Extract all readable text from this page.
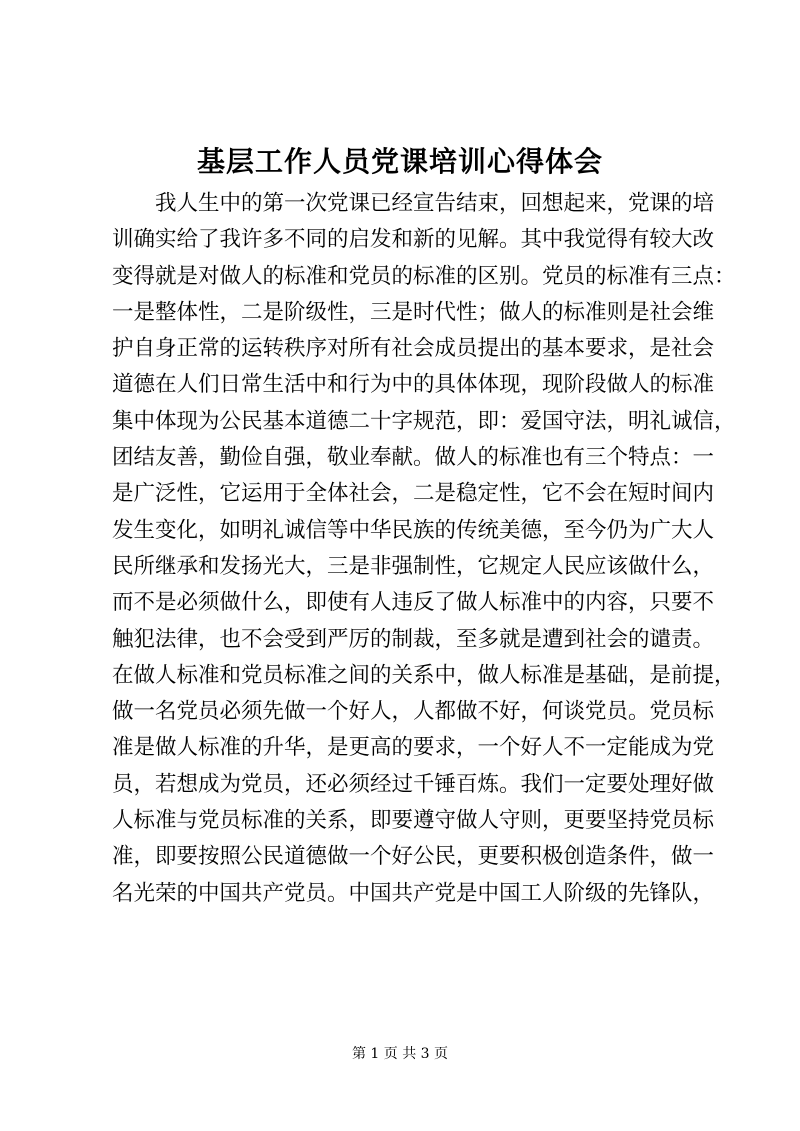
基层工作人员党课培训心得体会
我人生中的第一次党课已经宣告结束，回想起来，党课的培
训确实给了我许多不同的启发和新的见解。其中我觉得有较大改
变得就是对做人的标准和党员的标准的区别。党员的标准有三点：
一是整体性，二是阶级性，三是时代性；做人的标准则是社会维
护自身正常的运转秩序对所有社会成员提出的基本要求，是社会
道德在人们日常生活中和行为中的具体体现，现阶段做人的标准
集中体现为公民基本道德二十字规范，即：爱国守法，明礼诚信，
团结友善，勤俭自强，敬业奉献。做人的标准也有三个特点：一
是广泛性，它运用于全体社会，二是稳定性，它不会在短时间内
发生变化，如明礼诚信等中华民族的传统美德，至今仍为广大人
民所继承和发扬光大，三是非强制性，它规定人民应该做什么，
而不是必须做什么，即使有人违反了做人标准中的内容，只要不
触犯法律，也不会受到严厉的制裁，至多就是遭到社会的谴责。
在做人标准和党员标准之间的关系中，做人标准是基础，是前提，
做一名党员必须先做一个好人，人都做不好，何谈党员。党员标
准是做人标准的升华，是更高的要求，一个好人不一定能成为党
员，若想成为党员，还必须经过千锤百炼。我们一定要处理好做
人标准与党员标准的关系，即要遵守做人守则，更要坚持党员标
准，即要按照公民道德做一个好公民，更要积极创造条件，做一
名光荣的中国共产党员。中国共产党是中国工人阶级的先锋队，
第 1 页 共 3 页
